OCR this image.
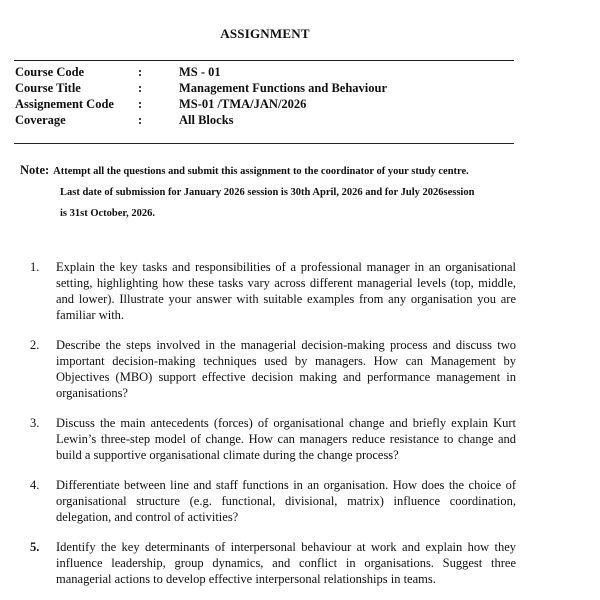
ASSIGNMENT
Course Code	:	MS - 01
Course Title	:	Management Functions and Behaviour
Assignement Code	:	MS-01 /TMA/JAN/2026
Coverage	:	All Blocks
Note: Attempt all the questions and submit this assignment to the coordinator of your study centre.
Last date of submission for January 2026 session is 30th April, 2026 and for July 2026session
is 31st October, 2026.
1.	Explain the key tasks and responsibilities of a professional manager in an organisational setting, highlighting how these tasks vary across different managerial levels (top, middle, and lower). Illustrate your answer with suitable examples from any organisation you are familiar with.
2.	Describe the steps involved in the managerial decision-making process and discuss two important decision-making techniques used by managers. How can Management by Objectives (MBO) support effective decision making and performance management in organisations?
3.	Discuss the main antecedents (forces) of organisational change and briefly explain Kurt Lewin’s three-step model of change. How can managers reduce resistance to change and build a supportive organisational climate during the change process?
4.	Differentiate between line and staff functions in an organisation. How does the choice of organisational structure (e.g. functional, divisional, matrix) influence coordination, delegation, and control of activities?
5.	Identify the key determinants of interpersonal behaviour at work and explain how they influence leadership, group dynamics, and conflict in organisations. Suggest three managerial actions to develop effective interpersonal relationships in teams.
